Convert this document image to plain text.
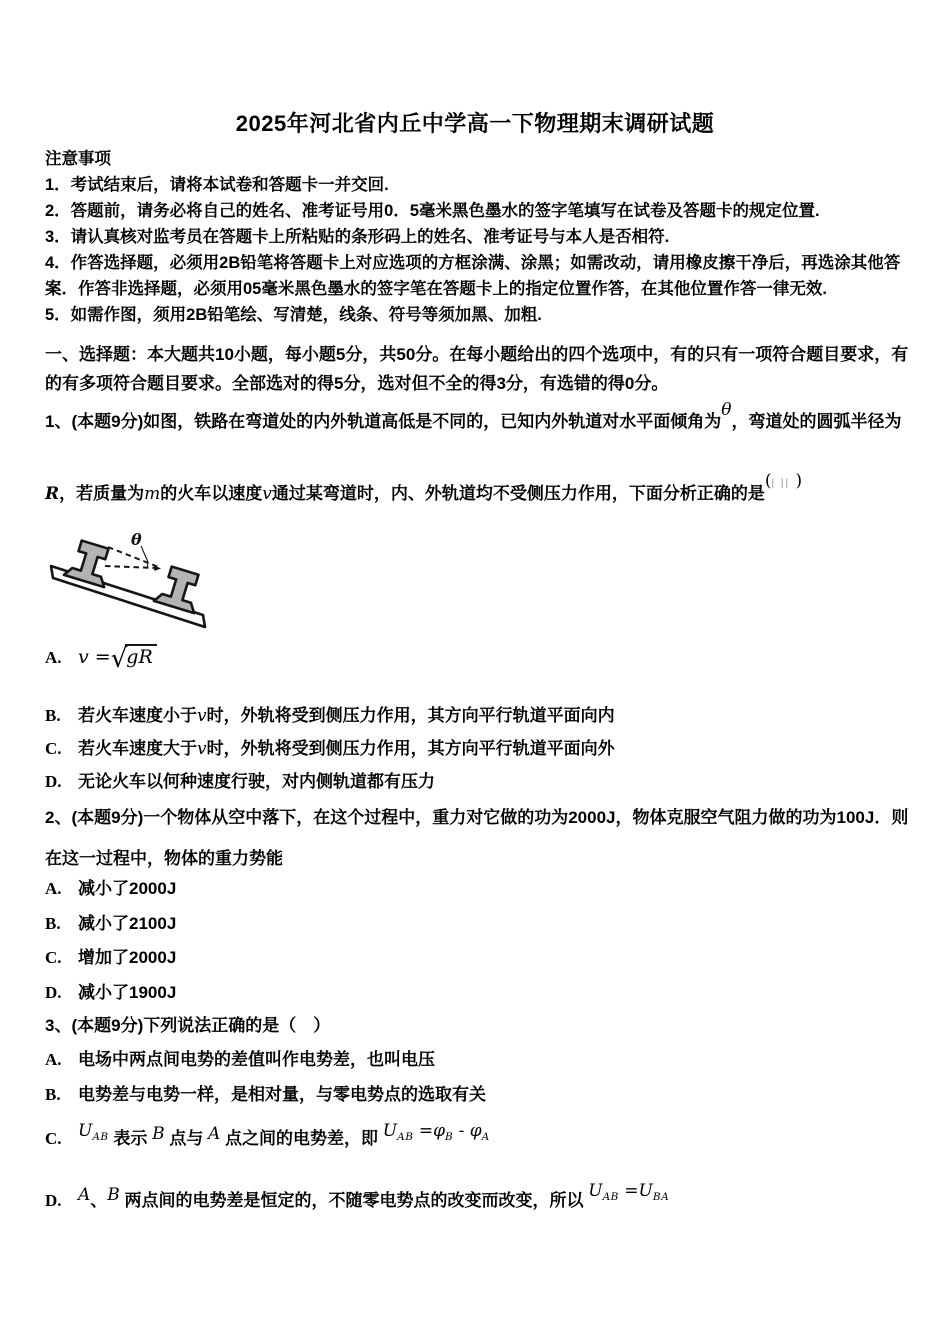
2025年河北省内丘中学高一下物理期末调研试题
注意事项
1．考试结束后，请将本试卷和答题卡一并交回.
2．答题前，请务必将自己的姓名、准考证号用0．5毫米黑色墨水的签字笔填写在试卷及答题卡的规定位置.
3．请认真核对监考员在答题卡上所粘贴的条形码上的姓名、准考证号与本人是否相符.
4．作答选择题，必须用2B铅笔将答题卡上对应选项的方框涂满、涂黑；如需改动，请用橡皮擦干净后，再选涂其他答案．作答非选择题，必须用05毫米黑色墨水的签字笔在答题卡上的指定位置作答，在其他位置作答一律无效.
5．如需作图，须用2B铅笔绘、写清楚，线条、符号等须加黑、加粗.
一、选择题：本大题共10小题，每小题5分，共50分。在每小题给出的四个选项中，有的只有一项符合题目要求，有的有多项符合题目要求。全部选对的得5分，选对但不全的得3分，有选错的得0分。
1、(本题9分)如图，铁路在弯道处的内外轨道高低是不同的，已知内外轨道对水平面倾角为θ，弯道处的圆弧半径为
R，若质量为m的火车以速度v通过某弯道时，内、外轨道均不受侧压力作用，下面分析正确的是(| || )
θ
A. v =√gR
B.	若火车速度小于v时，外轨将受到侧压力作用，其方向平行轨道平面向内
C. 若火车速度大于v时，外轨将受到侧压力作用，其方向平行轨道平面向外
D. 无论火车以何种速度行驶，对内侧轨道都有压力
2、(本题9分)一个物体从空中落下，在这个过程中，重力对它做的功为2000J，物体克服空气阻力做的功为100J．则在这一过程中，物体的重力势能
A. 减小了2000J
B.	减小了2100J
C. 增加了2000J
D. 减小了1900J
3、(本题9分)下列说法正确的是（　）
A. 电场中两点间电势的差值叫作电势差，也叫电压
B.	电势差与电势一样，是相对量，与零电势点的选取有关
C. $U_{AB}$ 表示 B 点与 A 点之间的电势差，即 $U_{AB} =\varphi_B - \varphi_A$
D. A、B 两点间的电势差是恒定的，不随零电势点的改变而改变，所以 $U_{AB} =U_{BA}$
